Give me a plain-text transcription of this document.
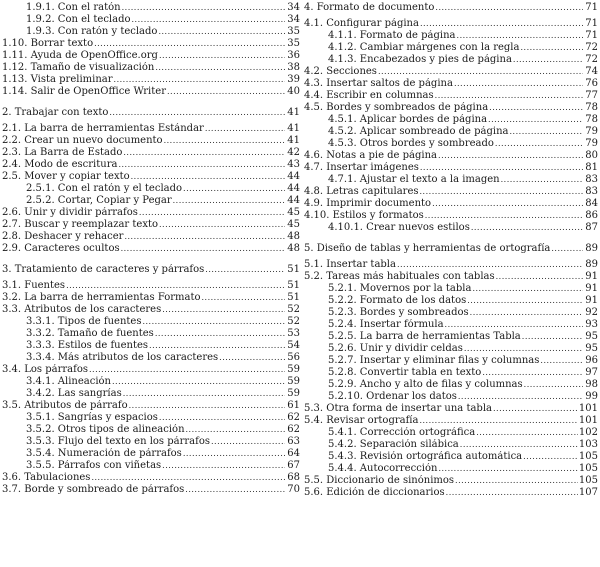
1.9.1. Con el ratón .....	34
1.9.2. Con el teclado .....	34
1.9.3. Con ratón y teclado .....	35
1.10. Borrar texto .....	35
1.11. Ayuda de OpenOffice.org .....	36
1.12. Tamaño de visualización .....	38
1.13. Vista preliminar .....	39
1.14. Salir de OpenOffice Writer .....	40
2. Trabajar con texto .....	41
2.1. La barra de herramientas Estándar .....	41
2.2. Crear un nuevo documento .....	41
2.3. La Barra de Estado .....	42
2.4. Modo de escritura .....	43
2.5. Mover y copiar texto .....	44
2.5.1. Con el ratón y el teclado .....	44
2.5.2. Cortar, Copiar y Pegar .....	44
2.6. Unir y dividir párrafos .....	45
2.7. Buscar y reemplazar texto .....	45
2.8. Deshacer y rehacer .....	48
2.9. Caracteres ocultos .....	48
3. Tratamiento de caracteres y párrafos .....	51
3.1. Fuentes .....	51
3.2. La barra de herramientas Formato .....	51
3.3. Atributos de los caracteres .....	52
3.3.1. Tipos de fuentes .....	52
3.3.2. Tamaño de fuentes .....	53
3.3.3. Estilos de fuentes .....	54
3.3.4. Más atributos de los caracteres .....	56
3.4. Los párrafos .....	59
3.4.1. Alineación .....	59
3.4.2. Las sangrías .....	59
3.5. Atributos de párrafo .....	61
3.5.1. Sangrías y espacios .....	62
3.5.2. Otros tipos de alineación .....	62
3.5.3. Flujo del texto en los párrafos .....	63
3.5.4. Numeración de párrafos .....	64
3.5.5. Párrafos con viñetas .....	67
3.6. Tabulaciones .....	68
3.7. Borde y sombreado de párrafos .....	70
4. Formato de documento .....	71
4.1. Configurar página .....	71
4.1.1. Formato de página .....	71
4.1.2. Cambiar márgenes con la regla .....	72
4.1.3. Encabezados y pies de página .....	72
4.2. Secciones .....	74
4.3. Insertar saltos de página .....	76
4.4. Escribir en columnas .....	77
4.5. Bordes y sombreados de página .....	78
4.5.1. Aplicar bordes de página .....	78
4.5.2. Aplicar sombreado de página .....	79
4.5.3. Otros bordes y sombreado .....	79
4.6. Notas a pie de página .....	80
4.7. Insertar imágenes .....	81
4.7.1. Ajustar el texto a la imagen .....	83
4.8. Letras capitulares .....	83
4.9. Imprimir documento .....	84
4.10. Estilos y formatos .....	86
4.10.1. Crear nuevos estilos .....	87
5. Diseño de tablas y herramientas de ortografía .....	89
5.1. Insertar tabla .....	89
5.2. Tareas más habituales con tablas .....	91
5.2.1. Movernos por la tabla .....	91
5.2.2. Formato de los datos .....	91
5.2.3. Bordes y sombreados .....	92
5.2.4. Insertar fórmula .....	93
5.2.5. La barra de herramientas Tabla .....	95
5.2.6. Unir y dividir celdas .....	95
5.2.7. Insertar y eliminar filas y columnas .....	96
5.2.8. Convertir tabla en texto .....	97
5.2.9. Ancho y alto de filas y columnas .....	98
5.2.10. Ordenar los datos .....	99
5.3. Otra forma de insertar una tabla .....	101
5.4. Revisar ortografía .....	101
5.4.1. Corrección ortográfica .....	102
5.4.2. Separación silábica .....	103
5.4.3. Revisión ortográfica automática .....	105
5.4.4. Autocorrección .....	105
5.5. Diccionario de sinónimos .....	105
5.6. Edición de diccionarios .....	107
